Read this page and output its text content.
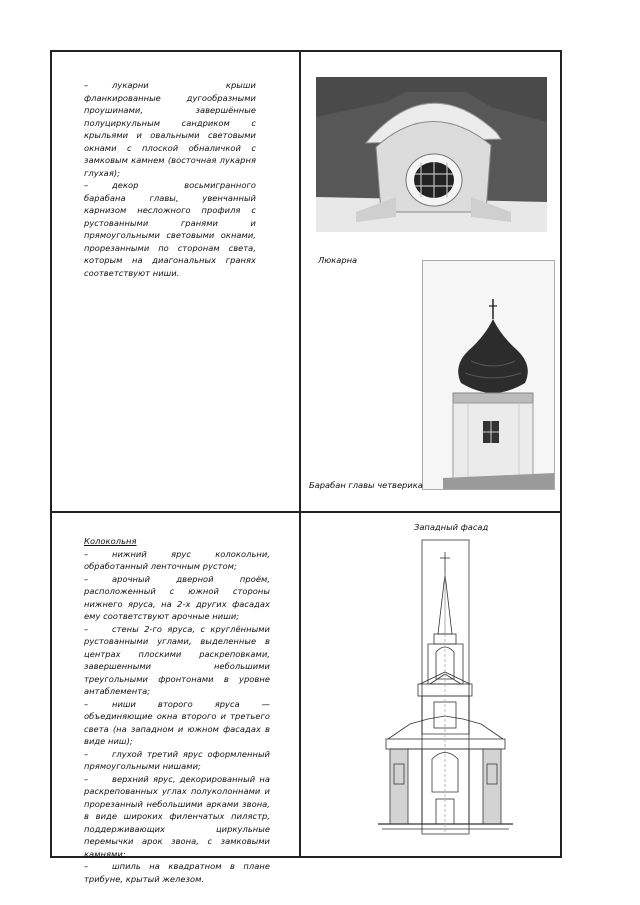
–	лукарни крыши фланкированные дугообразными проушинами, завершённые полуциркульным сандриком с крыльями и овальными световыми окнами с плоской обналичкой с замковым камнем (восточная лукарня глухая);

–	декор восьмигранного барабана главы, увенчанный карнизом несложного профиля с рустованными гранями и прямоугольными световыми окнами, прорезанными по сторонам света, которым на диагональных гранях соответствуют ниши.

Люкарна
Барабан главы четверика

Колокольня

–	нижний ярус колокольни, обработанный ленточным рустом;

–	арочный дверной проём, расположенный с южной стороны нижнего яруса, на 2-х других фасадах ему соответствуют арочные ниши;

–	стены 2-го яруса, с круглёнными рустованными углами, выделенные в центрах плоскими раскреповками, завершенными небольшими треугольными фронтонами в уровне антаблемента;

–	ниши второго яруса — объединяющие окна второго и третьего света (на западном и южном фасадах в виде ниш);

–	глухой третий ярус оформленный прямоугольными нишами;

–	верхний ярус, декорированный на раскрепованных углах полуколоннами и прорезанный небольшими арками звона, в виде широких филенчатых пилястр, поддерживающих циркульные перемычки арок звона, с замковыми камнями;

–	шпиль на квадратном в плане трибуне, крытый железом.

Западный фасад
